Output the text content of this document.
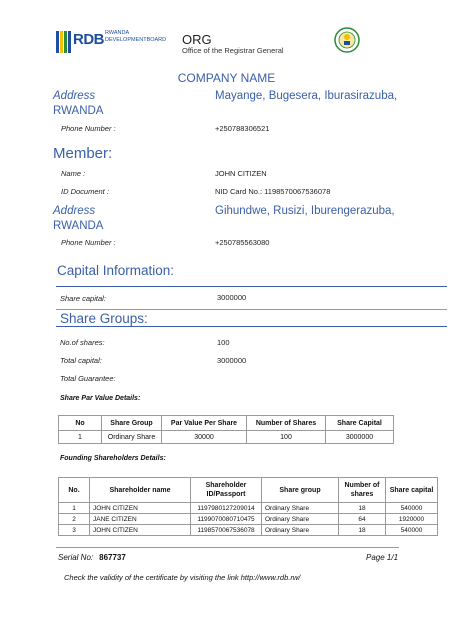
RDB RWANDA
DEVELOPMENTBOARD ORG
Office of the Registrar General
COMPANY NAME
Address	Mayange, Bugesera, Iburasirazuba,
RWANDA
Phone Number :	+250788306521
Member:
Name :	JOHN CITIZEN
ID Document :	NID Card No.: 1198570067536078
Address	Gihundwe, Rusizi, Iburengerazuba,
RWANDA
Phone Number :	+250785563080
Capital Information:
Share capital:	3000000
Share Groups:
No.of shares:	100
Total capital:	3000000
Total Guarantee:
Share Par Value Details:
No	Share Group	Par Value Per Share	Number of Shares	Share Capital
1	Ordinary Share	30000	100	3000000
Founding Shareholders Details:
No.	Shareholder name	Shareholder ID/Passport	Share group	Number of shares	Share capital
1	JOHN CITIZEN	1197980127209014	Ordinary Share	18	540000
2	JANE CITIZEN	1199070080710475	Ordinary Share	64	1920000
3	JOHN CITIZEN	1198570067536078	Ordinary Share	18	540000
Serial No: 867737	Page 1/1
Check the validity of the certificate by visiting the link http://www.rdb.rw/
